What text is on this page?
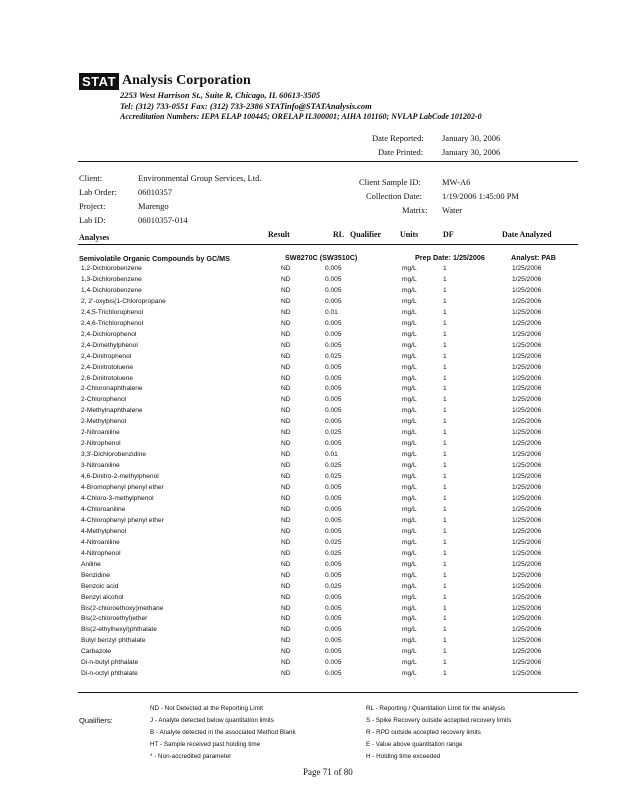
STAT Analysis Corporation
2253 West Harrison St., Suite R, Chicago, IL 60613-3505
Tel: (312) 733-0551 Fax: (312) 733-2386 STATinfo@STATAnalysis.com
Accreditation Numbers: IEPA ELAP 100445; ORELAP IL300001; AIHA 101160; NVLAP LabCode 101202-0
Date Reported: January 30, 2006
Date Printed: January 30, 2006
Client:	Environmental Group Services, Ltd.
Lab Order:	06010357
Project:	Marengo
Lab ID:	06010357-014
Client Sample ID: MW-A6
Collection Date: 1/19/2006 1:45:00 PM
Matrix: Water
Analyses	Result	RL Qualifier Units	DF	Date Analyzed
Semivolatile Organic Compounds by GC/MS	SW8270C (SW3510C)	Prep Date: 1/25/2006	Analyst: PAB
1,2-Dichlorobenzene	ND	0.005	mg/L	1	1/25/2006
1,3-Dichlorobenzene	ND	0.005	mg/L	1	1/25/2006
1,4-Dichlorobenzene	ND	0.005	mg/L	1	1/25/2006
2, 2'-oxybis(1-Chloropropane	ND	0.005	mg/L	1	1/25/2006
2,4,5-Trichlorophenol	ND	0.01	mg/L	1	1/25/2006
2,4,6-Trichlorophenol	ND	0.005	mg/L	1	1/25/2006
2,4-Dichlorophenol	ND	0.005	mg/L	1	1/25/2006
2,4-Dimethylphenol	ND	0.005	mg/L	1	1/25/2006
2,4-Dinitrophenol	ND	0.025	mg/L	1	1/25/2006
2,4-Dinitrotoluene	ND	0.005	mg/L	1	1/25/2006
2,6-Dinitrotoluene	ND	0.005	mg/L	1	1/25/2006
2-Chloronaphthalene	ND	0.005	mg/L	1	1/25/2006
2-Chlorophenol	ND	0.005	mg/L	1	1/25/2006
2-Methylnaphthalene	ND	0.005	mg/L	1	1/25/2006
2-Methylphenol	ND	0.005	mg/L	1	1/25/2006
2-Nitroaniline	ND	0.025	mg/L	1	1/25/2006
2-Nitrophenol	ND	0.005	mg/L	1	1/25/2006
3,3'-Dichlorobenzidine	ND	0.01	mg/L	1	1/25/2006
3-Nitroaniline	ND	0.025	mg/L	1	1/25/2006
4,6-Dinitro-2-methylphenol	ND	0.025	mg/L	1	1/25/2006
4-Bromophenyl phenyl ether	ND	0.005	mg/L	1	1/25/2006
4-Chloro-3-methylphenol	ND	0.005	mg/L	1	1/25/2006
4-Chloroaniline	ND	0.005	mg/L	1	1/25/2006
4-Chlorophenyl phenyl ether	ND	0.005	mg/L	1	1/25/2006
4-Methylphenol	ND	0.005	mg/L	1	1/25/2006
4-Nitroaniline	ND	0.025	mg/L	1	1/25/2006
4-Nitrophenol	ND	0.025	mg/L	1	1/25/2006
Aniline	ND	0.005	mg/L	1	1/25/2006
Benzidine	ND	0.005	mg/L	1	1/25/2006
Benzoic acid	ND	0.025	mg/L	1	1/25/2006
Benzyl alcohol	ND	0.005	mg/L	1	1/25/2006
Bis(2-chloroethoxy)methane	ND	0.005	mg/L	1	1/25/2006
Bis(2-chloroethyl)ether	ND	0.005	mg/L	1	1/25/2006
Bis(2-ethylhexyl)phthalate	ND	0.005	mg/L	1	1/25/2006
Butyl benzyl phthalate	ND	0.005	mg/L	1	1/25/2006
Carbazole	ND	0.005	mg/L	1	1/25/2006
Di-n-butyl phthalate	ND	0.005	mg/L	1	1/25/2006
Di-n-octyl phthalate	ND	0.005	mg/L	1	1/25/2006
Qualifiers:
ND - Not Detected at the Reporting Limit
J - Analyte detected below quantitation limits
B - Analyte detected in the associated Method Blank
HT - Sample received past holding time
* - Non-accredited parameter
RL - Reporting / Quantitation Limit for the analysis
S - Spike Recovery outside accepted recovery limits
R - RPD outside accepted recovery limits
E - Value above quantitation range
H - Holding time exceeded
Page 71 of 80
